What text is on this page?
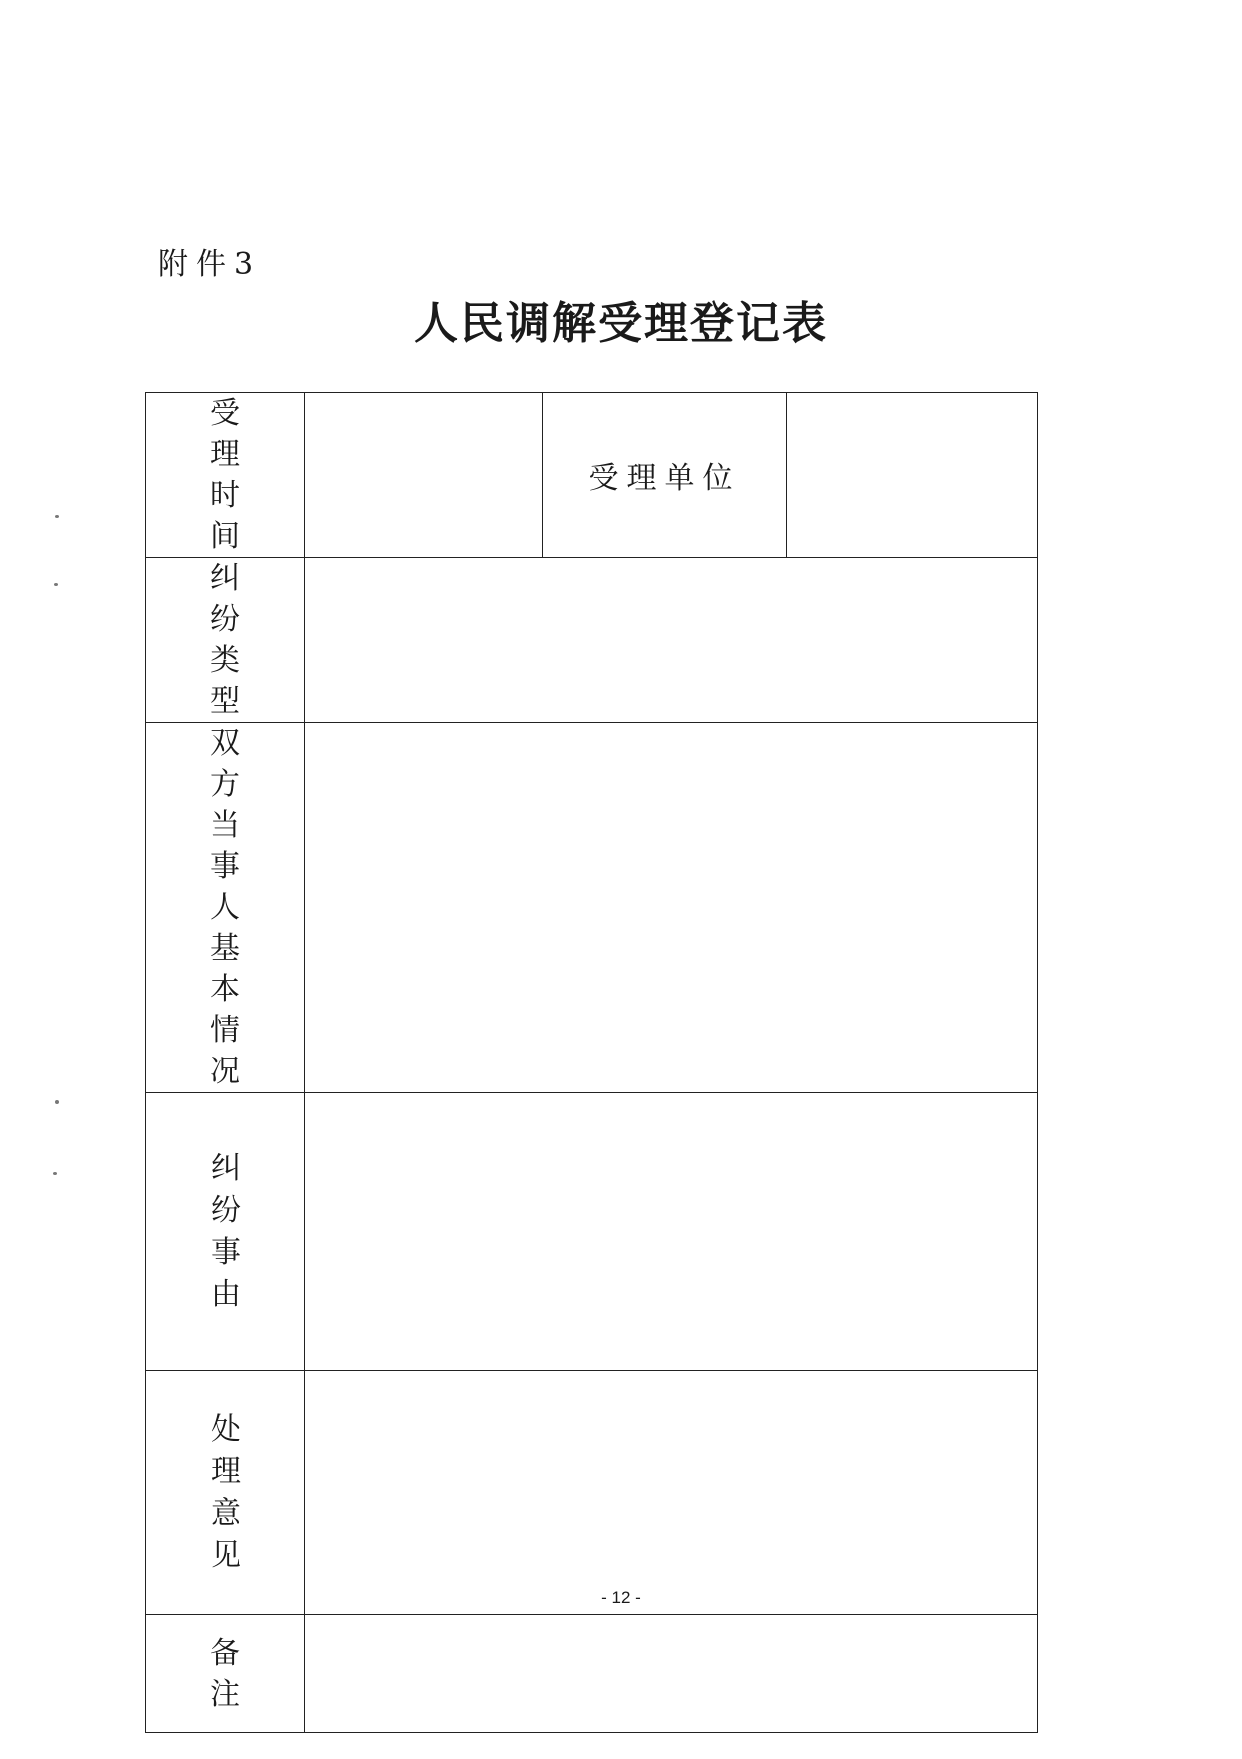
附件3
人民调解受理登记表
受理时间		受理单位	
纠纷类型			
双方当事人基本情况			
纠纷事由			
处理意见			
备注			
- 12 -
